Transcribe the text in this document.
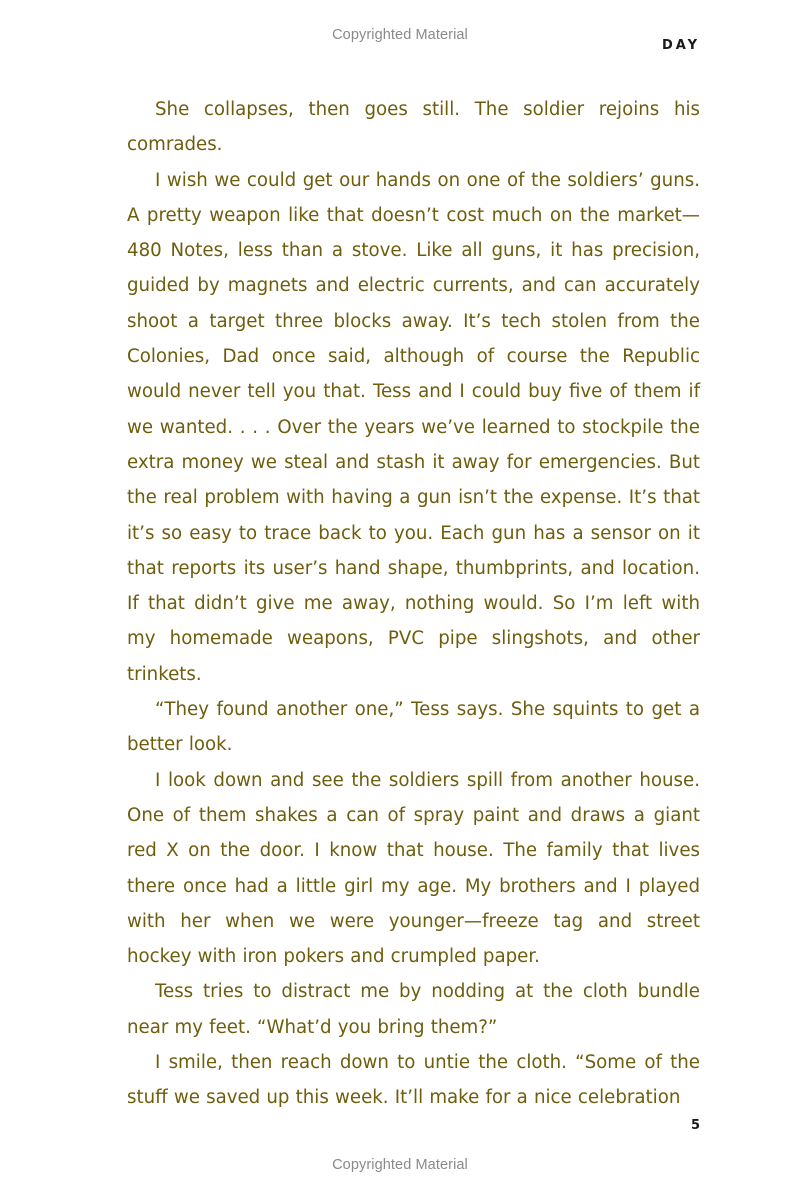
Copyrighted Material
DAY

She collapses, then goes still. The soldier rejoins his comrades.

I wish we could get our hands on one of the soldiers’ guns. A pretty weapon like that doesn’t cost much on the market—480 Notes, less than a stove. Like all guns, it has precision, guided by magnets and electric currents, and can accurately shoot a target three blocks away. It’s tech stolen from the Colonies, Dad once said, although of course the Republic would never tell you that. Tess and I could buy five of them if we wanted. . . . Over the years we’ve learned to stockpile the extra money we steal and stash it away for emergencies. But the real problem with having a gun isn’t the expense. It’s that it’s so easy to trace back to you. Each gun has a sensor on it that reports its user’s hand shape, thumbprints, and location. If that didn’t give me away, nothing would. So I’m left with my homemade weapons, PVC pipe slingshots, and other trinkets.

“They found another one,” Tess says. She squints to get a better look.

I look down and see the soldiers spill from another house. One of them shakes a can of spray paint and draws a giant red X on the door. I know that house. The family that lives there once had a little girl my age. My brothers and I played with her when we were younger—freeze tag and street hockey with iron pokers and crumpled paper.

Tess tries to distract me by nodding at the cloth bundle near my feet. “What’d you bring them?”

I smile, then reach down to untie the cloth. “Some of the stuff we saved up this week. It’ll make for a nice celebration

5
Copyrighted Material
